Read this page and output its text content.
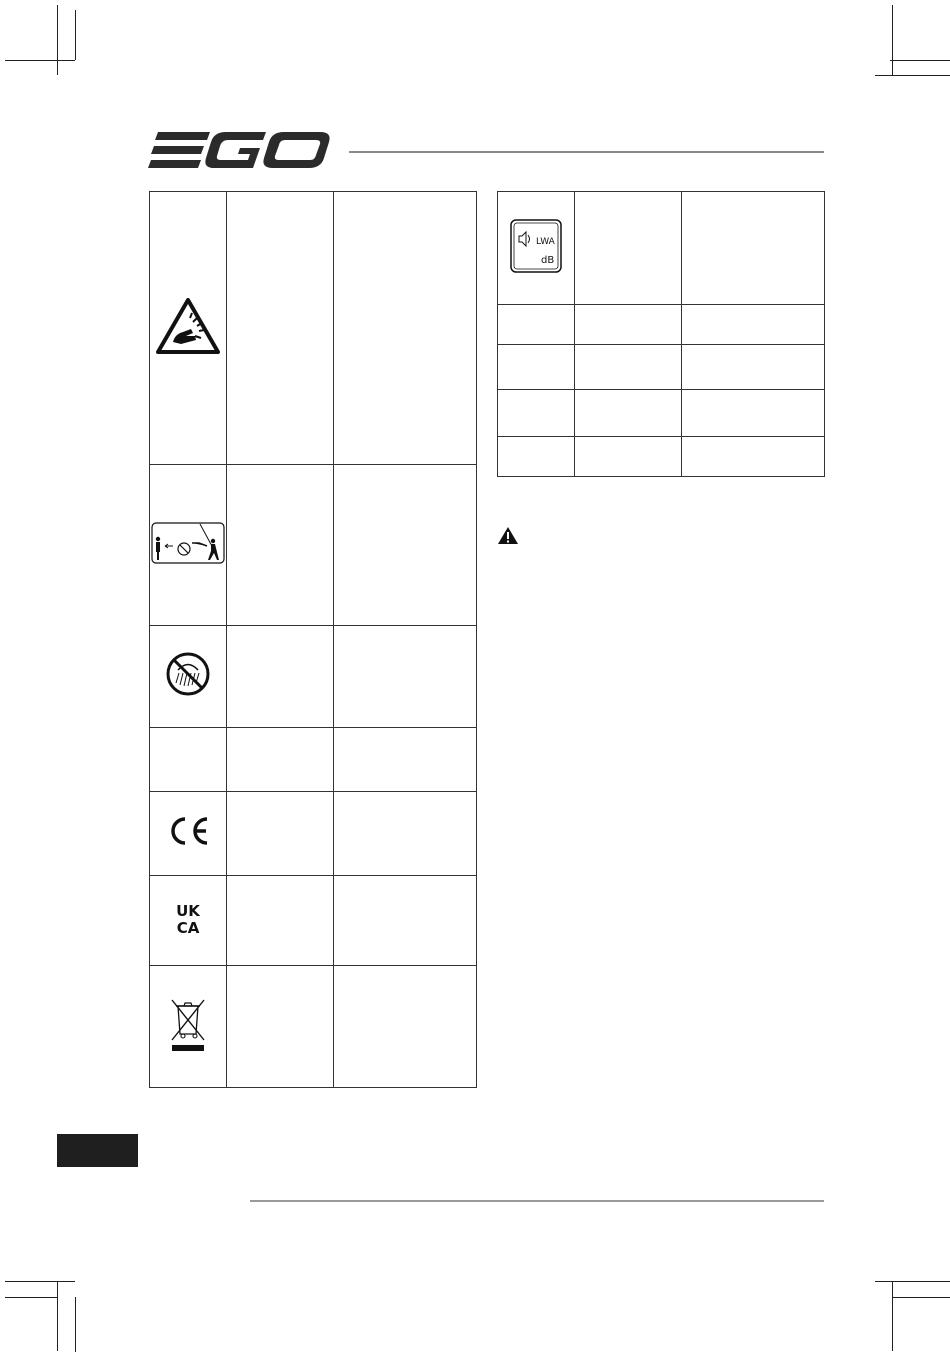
UK
CA		

LWA
dB		
